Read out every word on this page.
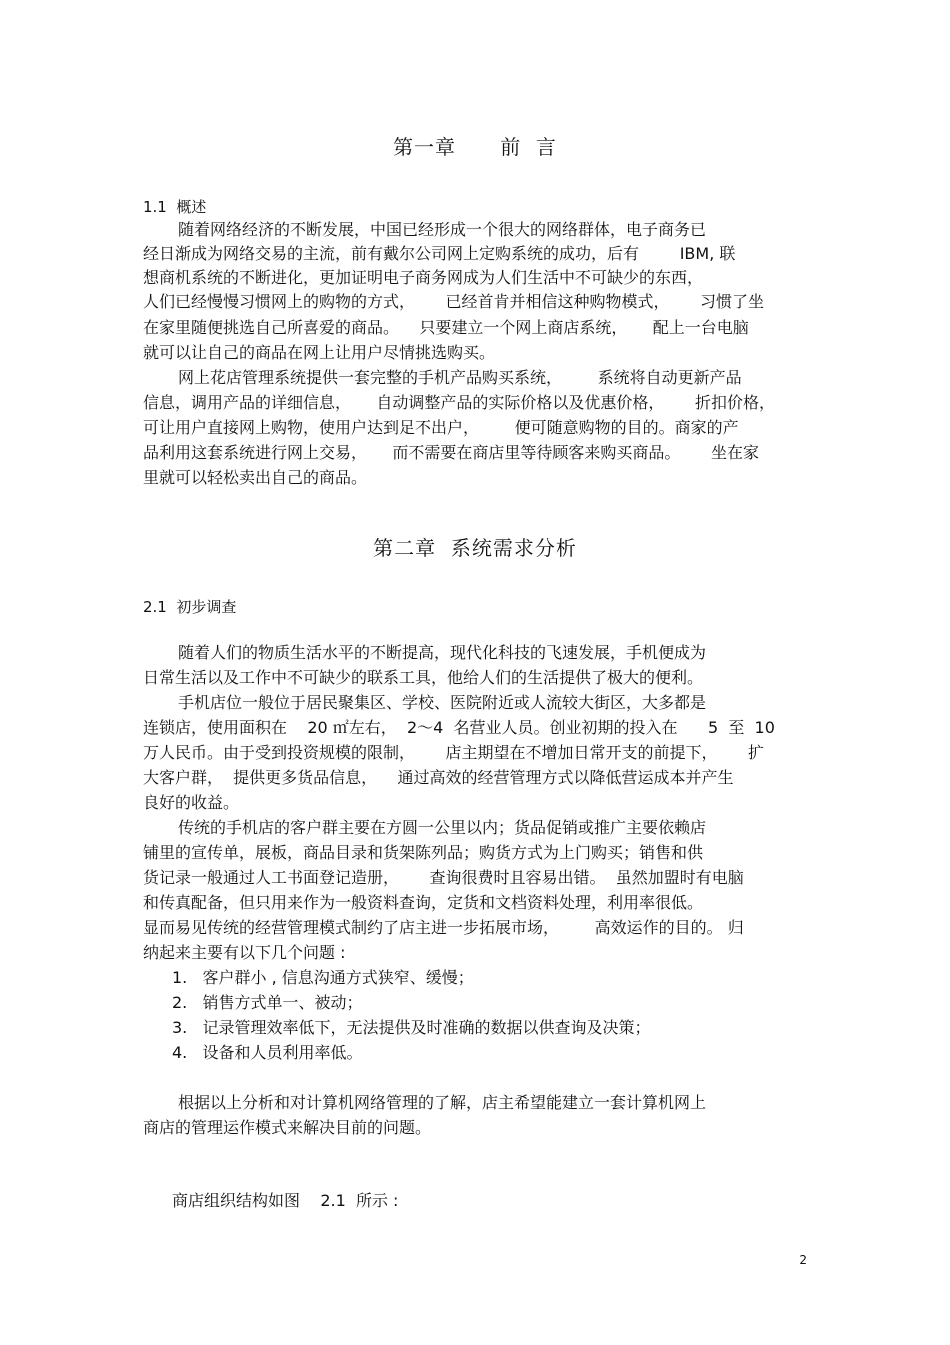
第一章      前  言
1.1  概述
随着网络经济的不断发展，中国已经形成一个很大的网络群体，电子商务已
经日渐成为网络交易的主流，前有戴尔公司网上定购系统的成功，后有        IBM, 联
想商机系统的不断进化，更加证明电子商务网成为人们生活中不可缺少的东西，
人们已经慢慢习惯网上的购物的方式，      已经首肯并相信这种购物模式，      习惯了坐
在家里随便挑选自己所喜爱的商品。    只要建立一个网上商店系统，     配上一台电脑
就可以让自己的商品在网上让用户尽情挑选购买。
网上花店管理系统提供一套完整的手机产品购买系统，       系统将自动更新产品
信息，调用产品的详细信息，     自动调整产品的实际价格以及优惠价格，      折扣价格，
可让用户直接网上购物，使用户达到足不出户，       便可随意购物的目的。商家的产
品利用这套系统进行网上交易，     而不需要在商店里等待顾客来购买商品。      坐在家
里就可以轻松卖出自己的商品。
第二章  系统需求分析
2.1  初步调查
随着人们的物质生活水平的不断提高，现代化科技的飞速发展，手机便成为
日常生活以及工作中不可缺少的联系工具，他给人们的生活提供了极大的便利。
手机店位一般位于居民聚集区、学校、医院附近或人流较大街区，大多都是
连锁店，使用面积在    20 ㎡左右，  2～4  名营业人员。创业初期的投入在      5  至  10
万人民币。由于受到投资规模的限制，      店主期望在不增加日常开支的前提下，      扩
大客户群，  提供更多货品信息，    通过高效的经营管理方式以降低营运成本并产生
良好的收益。
传统的手机店的客户群主要在方圆一公里以内；货品促销或推广主要依赖店
铺里的宣传单，展板，商品目录和货架陈列品；购货方式为上门购买；销售和供
货记录一般通过人工书面登记造册，      查询很费时且容易出错。  虽然加盟时有电脑
和传真配备，但只用来作为一般资料查询，定货和文档资料处理，利用率很低。
显而易见传统的经营管理模式制约了店主进一步拓展市场，       高效运作的目的。 归
纳起来主要有以下几个问题 :
1.   客户群小 , 信息沟通方式狭窄、缓慢；
2.   销售方式单一、被动；
3.   记录管理效率低下，无法提供及时准确的数据以供查询及决策；
4.   设备和人员利用率低。
根据以上分析和对计算机网络管理的了解，店主希望能建立一套计算机网上
商店的管理运作模式来解决目前的问题。
商店组织结构如图    2.1  所示 :
2
